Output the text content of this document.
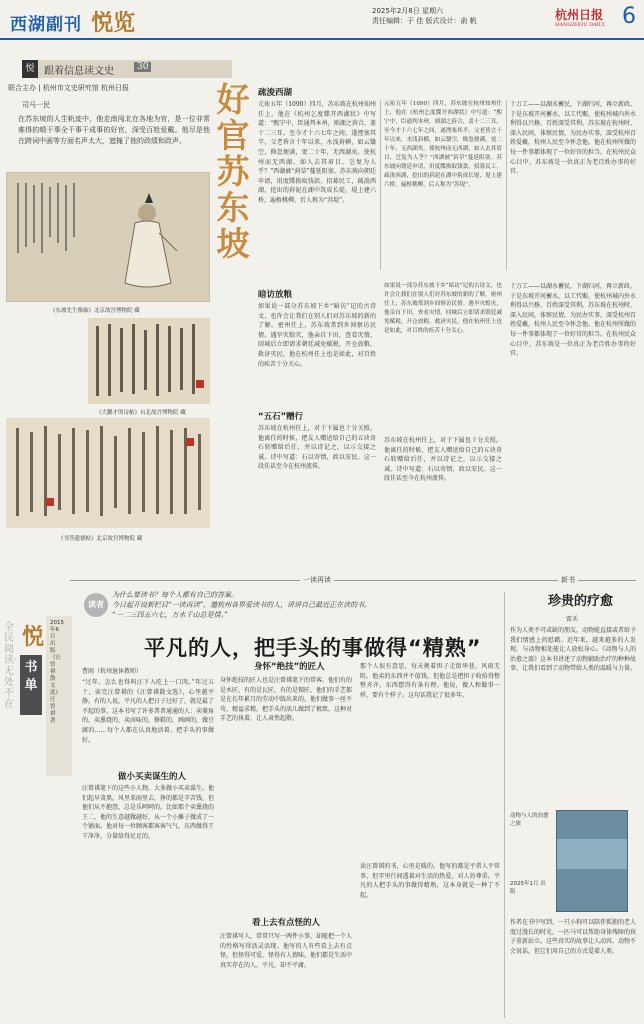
西湖副刊 悦览	2025年2月8日 星期六
责任编辑：于 佳 版式设计：俞 帆	杭州日报
HANGZHOU DAILY 6
悦 跟着信息读文史	30
联合主办 | 杭州市文史研究馆 杭州日报
司马一民	好官苏东坡
在苏东坡的人生轨迹中，他走南闯北在各地为官，是一位非常难得的晴干事全干事干成事的好官，深受百姓爱戴。他尽是他在跨词中画等方面名声太大，遮掩了他的政绩和政声。
《东坡先生像轴》北京故宫博物院 藏
《大鹏才的诗帖》台北故宫博物院 藏
《书答遗德帖》北京故宫博物院 藏
疏浚西湖
元祐五年（1090）四月，苏东坡在杭州知州任上，他在《杭州乞度牒开西湖状》中写道：“熙宁中，臣通判本州，则湖之葑合，盖十二三耳。至今才十六七年之间，遂湮塞其半。父老皆言十年以来，水浅葑横，如云翳空，倏忽便满，更二十年，无西湖矣。使杭州而无西湖，如人去其眉目，岂复为人乎？”西湖被“葑草”蔓延阻塞。苏东坡向朝廷申请，用度牒换取钱款，招募民工，疏浚西湖，挖出的葑泥在湖中筑成长堤，堤上建六桥，遍植桃柳，后人称为“苏堤”。
元祐五年（1090）四月，苏东坡在杭州知州任上，他在《杭州乞度牒开西湖状》中写道：“熙宁中，臣通判本州，则湖之葑合，盖十二三耳。至今才十六七年之间，遂湮塞其半。父老皆言十年以来，水浅葑横，如云翳空，倏忽便满，更二十年，无西湖矣。使杭州而无西湖，如人去其眉目，岂复为人乎？”西湖被“葑草”蔓延阻塞。苏东坡向朝廷申请，用度牒换取钱款，招募民工，疏浚西湖，挖出的葑泥在湖中筑成长堤，堤上建六桥，遍植桃柳，后人称为“苏堤”。
十万工——以湖水蓄民，下湖归河，再立新政。于是东坡开河蓄水，以工代赈，使杭州城内外水利得以兴修，百姓深受其利。苏东坡在杭州时，深入民间，体察民情，为民办实事，深受杭州百姓爱戴，杭州人民至今怀念他。他在杭州所做的每一件事都体现了一位好官的担当。在杭州民众心目中，苏东坡是一位真正为老百姓办事的好官。
暗访放粮
如果说一部分苏东坡下乡“暗访”记的古诗文，也许会让我们在别人们对苏东坡的新的了解。密州任上，苏东坡常到乡间察访民情。遇旱灾蝗灾，他亲自下田，查看灾情，回城后立即请求朝廷减免赋税，开仓放粮，救济灾民。他在杭州任上也是如此，对百姓的疾苦十分关心。
如果说一部分苏东坡下乡“暗访”记的古诗文，也许会让我们在别人们对苏东坡的新的了解。密州任上，苏东坡常到乡间察访民情。遇旱灾蝗灾，他亲自下田，查看灾情，回城后立即请求朝廷减免赋税，开仓放粮，救济灾民。他在杭州任上也是如此，对百姓的疾苦十分关心。
十万工——以湖水蓄民，下湖归河，再立新政。于是东坡开河蓄水，以工代赈，使杭州城内外水利得以兴修，百姓深受其利。苏东坡在杭州时，深入民间，体察民情，为民办实事，深受杭州百姓爱戴，杭州人民至今怀念他。他在杭州所做的每一件事都体现了一位好官的担当。在杭州民众心目中，苏东坡是一位真正为老百姓办事的好官。
“五石”赠行
苏东坡在杭州任上，对于下属也十分关照。他离任的时候，把友人赠送给自己的五块奇石转赠给后任，并以诗记之，以示交接之诚。诗中写道：石以寄情，政以安民。这一段佳话至今在杭州流传。
苏东坡在杭州任上，对于下属也十分关照。他离任的时候，把友人赠送给自己的五块奇石转赠给后任，并以诗记之，以示交接之诚。诗中写道：石以寄情，政以安民。这一段佳话至今在杭州流传。
一读再读	新书
全民阅读·无处不在
悦
书单
2015年6月出版 《汪曾祺散文选》 汪曾祺 著
读者
为什么要读书？每个人都有自己的答案。
今日起开设新栏目“一读再读”，邀杭州各界爱读书的人，讲讲自己最近正在读的书。
“一二三四五六七，万水千山总是情。”
平凡的人，把手头的事做得“精熟”
曹雨（杭州退休教师）
“过年，怎么也得叫汪下入吃上一口肉。”年过五十，读完汪曾祺的《汪曾祺散文选》，心里越平静。有的人说，平凡的人把日子过好了，就是最了不起的事。这本书写了许多普普通通的人：卖菱角的，卖熏烧的，卖卤味的，修鞋的，画画的，做豆腐的……每个人都在认真地活着，把手头的事做好。
做小买卖谋生的人
汪曾祺笔下的这些小人物，大多做小买卖谋生。他们起早贪黑，风里来雨里去，挣的都是辛苦钱，但他们从不抱怨，总是乐呵呵的。比如那个卖熏烧的王二，他的生意越做越好，从一个小摊子做成了一个铺面。他对每一位顾客都客客气气，东西做得干干净净，分量给得足足的。
身怀“绝技”的匠人
身怀绝技的匠人也是汪曾祺笔下的常客。他们有的是木匠，有的是瓦匠，有的是锡匠，他们的手艺都是在长年累月的劳动中练出来的。他们做事一丝不苟，精益求精，把手头的活儿做到了极致。这种对手艺的执着，让人肃然起敬。
看上去有点怪的人
汪曾祺写人，常常只写一两件小事，却能把一个人的性格写得活灵活现。他写的人有些看上去有点怪，但怪得可爱，怪得有人情味。他们都是生活中真实存在的人，平凡，却不平庸。
那个人很有意思，每天挑着担子走街串巷，风雨无阻。他卖的东西并不值钱，但他总是把担子收拾得整整齐齐，东西摆得有条有理。他说，做人和做事一样，要有个样子。这句话我记了很多年。
读汪曾祺的书，心里是暖的。他写的都是平常人平常事，但字里行间透着对生活的热爱，对人的尊重。平凡的人把手头的事做得精熟，这本身就是一种了不起。
珍贵的疗愈
雷禾
作为人类不可或缺的朋友，动物能直接或者给予我们情感上的慰藉。近年来，越来越多的人发现，与动物相处能让人放松身心。《动物与人的治愈之旅》这本书讲述了动物辅助治疗的种种故事，让我们看到了动物带给人类的温暖与力量。
动物与人的治愈之旅
2025年1月 出版
作者在书中写到，一只小狗可以陪伴孤独的老人度过漫长的时光，一匹马可以帮助身体残障的孩子重新站立。这些真实的故事让人动容。动物不会说话，但它们用自己的方式爱着人类。
